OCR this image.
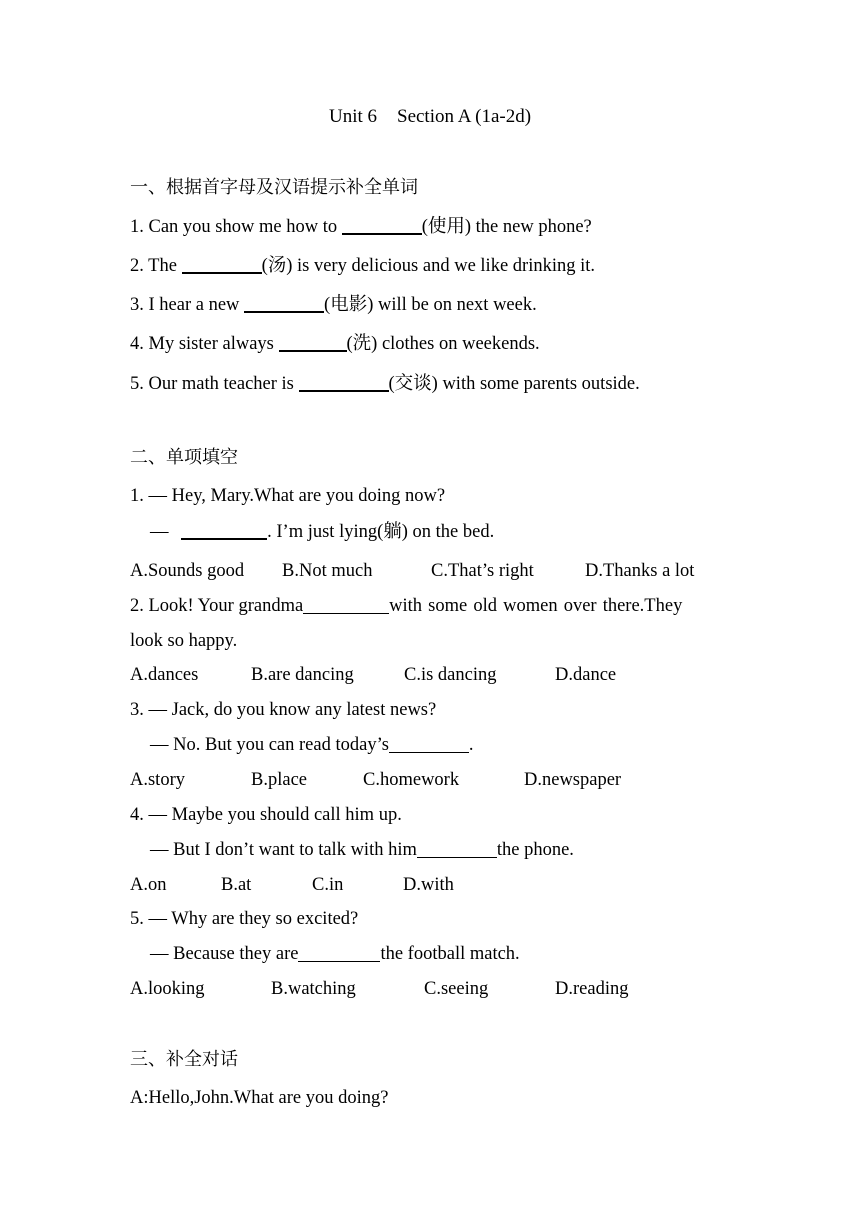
Unit 6 Section A (1a-2d)
一、根据首字母及汉语提示补全单词
1. Can you show me how to	(使用) the new phone?
2. The	(汤) is very delicious and we like drinking it.
3. I hear a new	(电影) will be on next week.
4. My sister always	(洗) clothes on weekends.
5. Our math teacher is	(交谈) with some parents outside.
二、单项填空
1. — Hey, Mary.What are you doing now?
—	. I’m just lying(躺) on the bed.
A.Sounds good B.Not much	C.That’s right	D.Thanks a lot
2. Look! Your grandma	with some old women over there.They
look so happy.
A.dances	B.are dancing	C.is dancing	D.dance
3. — Jack, do you know any latest news?
— No. But you can read today’s	.
A.story	B.place	C.homework	D.newspaper
4. — Maybe you should call him up.
— But I don’t want to talk with him	the phone.
A.on	B.at	C.in	D.with
5. — Why are they so excited?
— Because they are	the football match.
A.looking	B.watching	C.seeing	D.reading
三、补全对话
A:Hello,John.What are you doing?
